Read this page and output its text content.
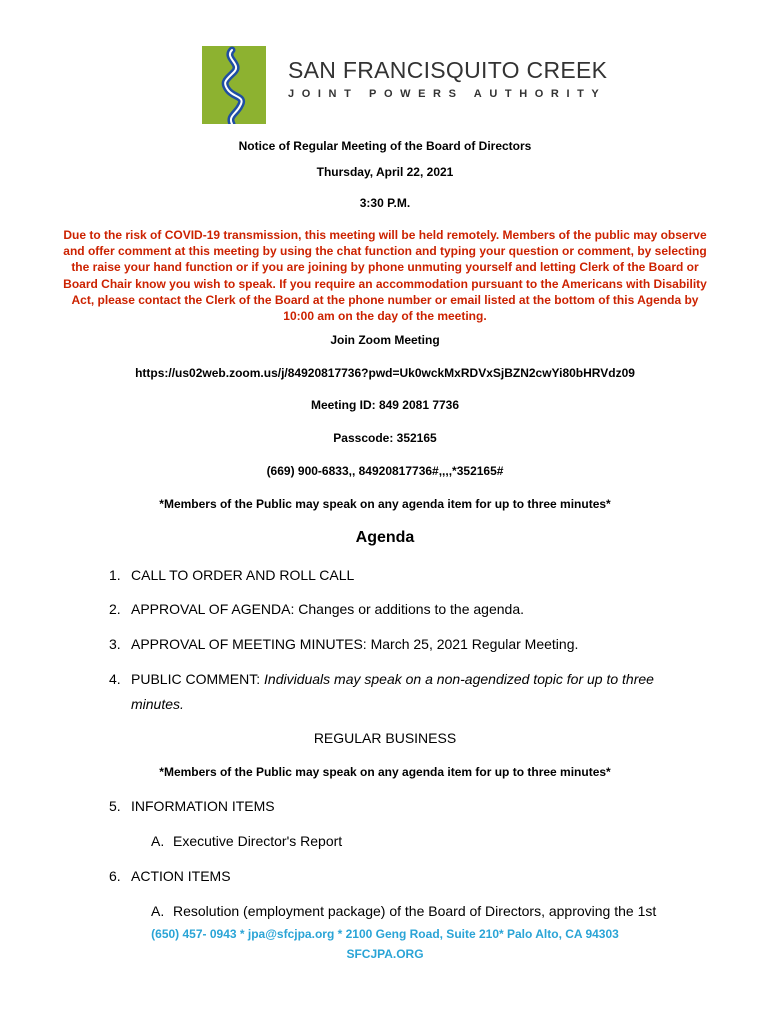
SAN FRANCISQUITO CREEK
JOINT POWERS AUTHORITY
Notice of Regular Meeting of the Board of Directors
Thursday, April 22, 2021
3:30 P.M.
Due to the risk of COVID-19 transmission, this meeting will be held remotely. Members of the public may observe and offer comment at this meeting by using the chat function and typing your question or comment, by selecting the raise your hand function or if you are joining by phone unmuting yourself and letting Clerk of the Board or Board Chair know you wish to speak. If you require an accommodation pursuant to the Americans with Disability Act, please contact the Clerk of the Board at the phone number or email listed at the bottom of this Agenda by 10:00 am on the day of the meeting.
Join Zoom Meeting
https://us02web.zoom.us/j/84920817736?pwd=Uk0wckMxRDVxSjBZN2cwYi80bHRVdz09
Meeting ID: 849 2081 7736
Passcode: 352165
(669) 900-6833,, 84920817736#,,,,*352165#
*Members of the Public may speak on any agenda item for up to three minutes*
Agenda
1. CALL TO ORDER AND ROLL CALL
2. APPROVAL OF AGENDA: Changes or additions to the agenda.
3. APPROVAL OF MEETING MINUTES: March 25, 2021 Regular Meeting.
4. PUBLIC COMMENT: Individuals may speak on a non-agendized topic for up to three
minutes.
REGULAR BUSINESS
*Members of the Public may speak on any agenda item for up to three minutes*
5. INFORMATION ITEMS
A. Executive Director's Report
6. ACTION ITEMS
A. Resolution (employment package) of the Board of Directors, approving the 1st
(650) 457- 0943 * jpa@sfcjpa.org * 2100 Geng Road, Suite 210* Palo Alto, CA 94303
SFCJPA.ORG
